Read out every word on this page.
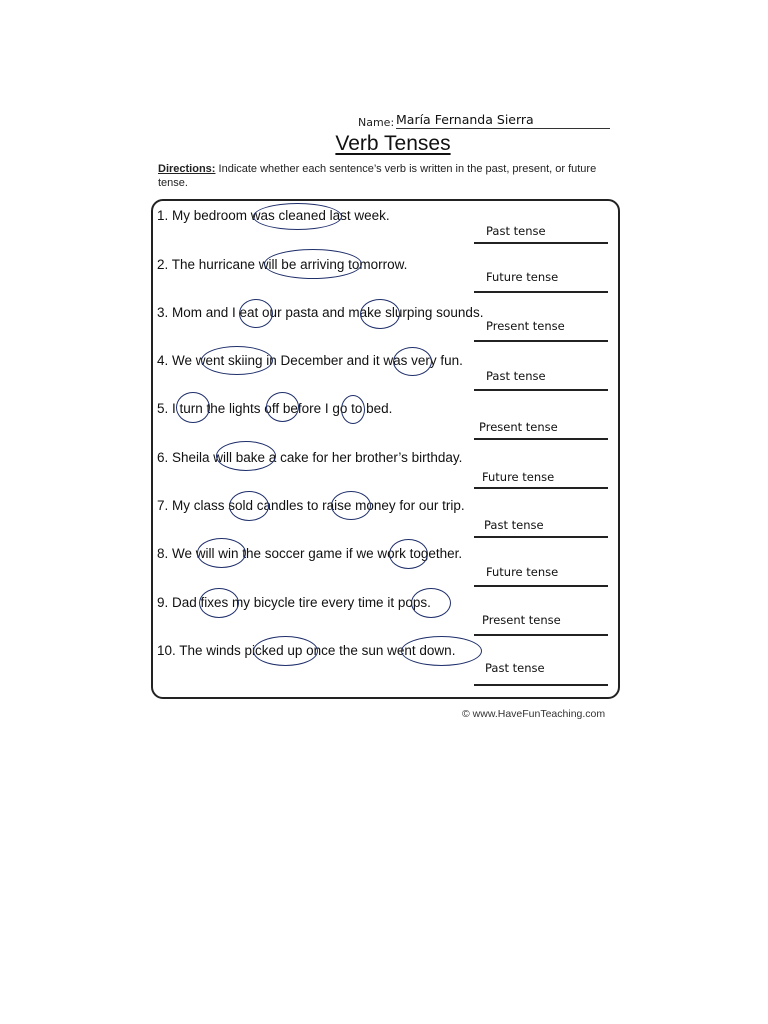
Name: María Fernanda Sierra
Verb Tenses
Directions: Indicate whether each sentence’s verb is written in the past, present, or future tense.
1. My bedroom was cleaned last week.
2. The hurricane will be arriving tomorrow.
3. Mom and I eat our pasta and make slurping sounds.
4. We went skiing in December and it was very fun.
5. I turn the lights off before I go to bed.
6. Sheila will bake a cake for her brother’s birthday.
7. My class sold candles to raise money for our trip.
8. We will win the soccer game if we work together.
9. Dad fixes my bicycle tire every time it pops.
10. The winds picked up once the sun went down.
Past tense
Future tense
Present tense
Past tense
Present tense
Future tense
Past tense
Future tense
Present tense
Past tense
© www.HaveFunTeaching.com
